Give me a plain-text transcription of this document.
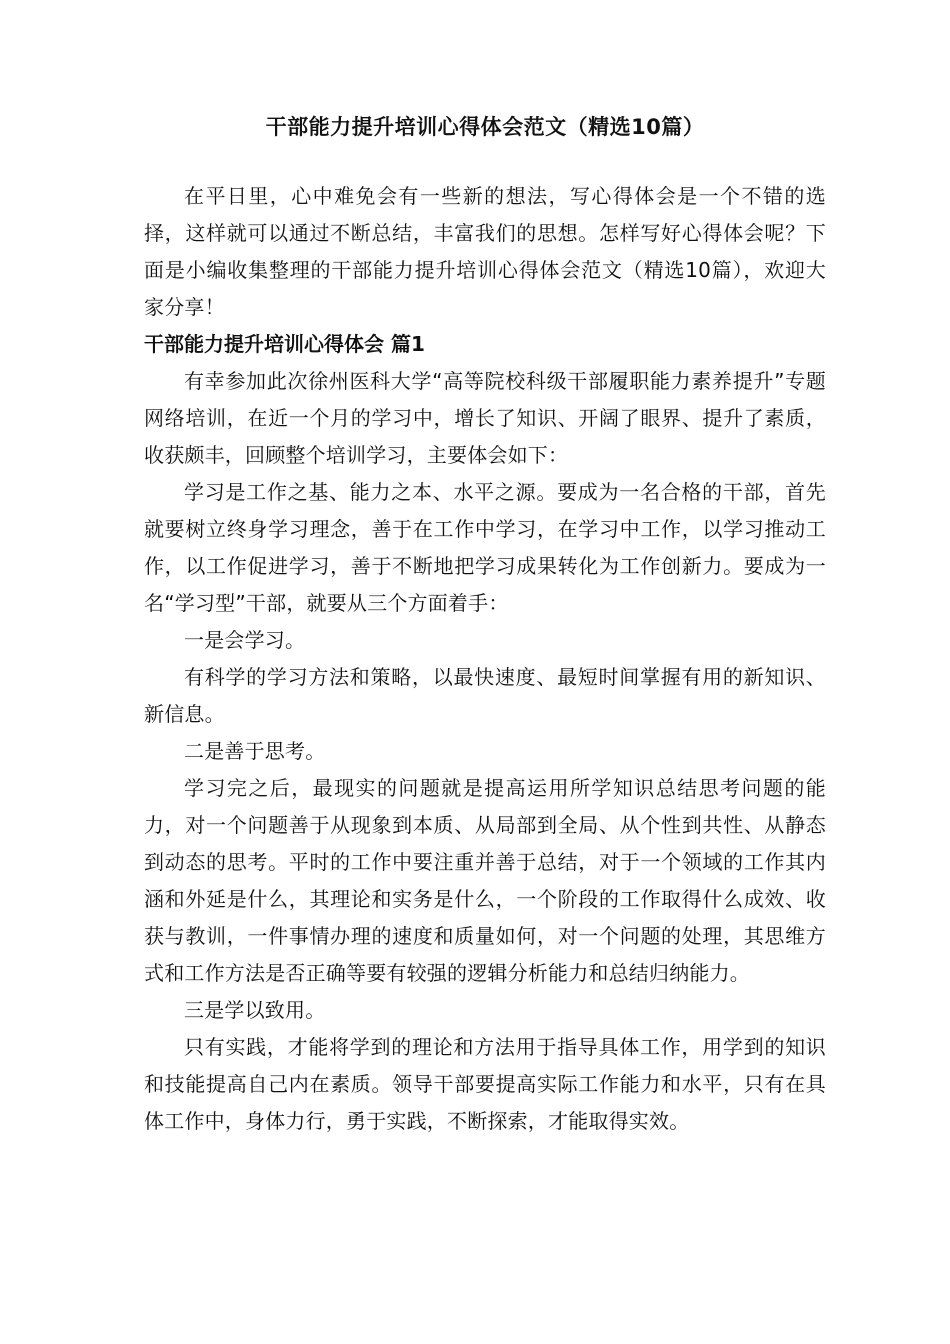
干部能力提升培训心得体会范文（精选10篇）

在平日里，心中难免会有一些新的想法，写心得体会是一个不错的选择，这样就可以通过不断总结，丰富我们的思想。怎样写好心得体会呢？下面是小编收集整理的干部能力提升培训心得体会范文（精选10篇），欢迎大家分享！

干部能力提升培训心得体会 篇1

有幸参加此次徐州医科大学“高等院校科级干部履职能力素养提升”专题网络培训，在近一个月的学习中，增长了知识、开阔了眼界、提升了素质，收获颇丰，回顾整个培训学习，主要体会如下：

学习是工作之基、能力之本、水平之源。要成为一名合格的干部，首先就要树立终身学习理念，善于在工作中学习，在学习中工作，以学习推动工作，以工作促进学习，善于不断地把学习成果转化为工作创新力。要成为一名“学习型”干部，就要从三个方面着手：

一是会学习。

有科学的学习方法和策略，以最快速度、最短时间掌握有用的新知识、新信息。

二是善于思考。

学习完之后，最现实的问题就是提高运用所学知识总结思考问题的能力，对一个问题善于从现象到本质、从局部到全局、从个性到共性、从静态到动态的思考。平时的工作中要注重并善于总结，对于一个领域的工作其内涵和外延是什么，其理论和实务是什么，一个阶段的工作取得什么成效、收获与教训，一件事情办理的速度和质量如何，对一个问题的处理，其思维方式和工作方法是否正确等要有较强的逻辑分析能力和总结归纳能力。

三是学以致用。

只有实践，才能将学到的理论和方法用于指导具体工作，用学到的知识和技能提高自己内在素质。领导干部要提高实际工作能力和水平，只有在具体工作中，身体力行，勇于实践，不断探索，才能取得实效。
